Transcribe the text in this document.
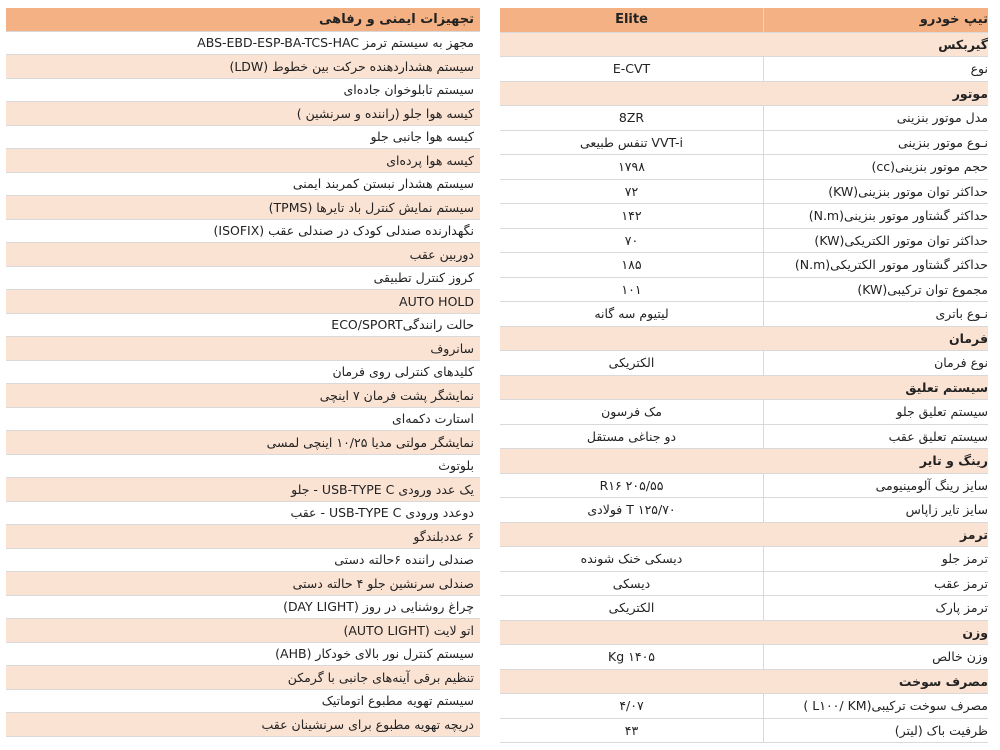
تجهیزات ایمنی و رفاهی
مجهز به سیستم ترمز ABS-EBD-ESP-BA-TCS-HAC
سیستم هشداردهنده حرکت بین خطوط (LDW)
سیستم تابلوخوان جاده‌ای
کیسه هوا جلو (راننده و سرنشین )
کیسه هوا جانبی جلو
کیسه هوا پرده‌ای
سیستم هشدار نبستن کمربند ایمنی
سیستم نمایش کنترل باد تایرها (TPMS)
نگهدارنده صندلی کودک در صندلی عقب (ISOFIX)
دوربین عقب
کروز کنترل تطبیقی
AUTO HOLD
حالت رانندگیECO/SPORT
سانروف
کلیدهای کنترلی روی فرمان
نمایشگر پشت فرمان ۷ اینچی
استارت دکمه‌ای
نمایشگر مولتی مدیا ۱۰/۲۵ اینچی لمسی
بلوتوث
یک عدد ورودی USB-TYPE C - جلو
دوعدد ورودی USB-TYPE C - عقب
۶ عددبلندگو
صندلی راننده ۶حالته دستی
صندلی سرنشین جلو ۴ حالته دستی
چراغ روشنایی در روز (DAY LIGHT)
اتو لایت (AUTO LIGHT)
سیستم کنترل نور بالای خودکار (AHB)
تنظیم برقی آینه‌های جانبی با گرمکن
سیستم تهویه مطبوع اتوماتیک
دریچه تهویه مطبوع برای سرنشینان عقب
تیپ خودرو
Elite
گیربکس
نوع
E-CVT
موتور
مدل موتور بنزینی
8ZR
نـوع موتور بنزینی
VVT-i تنفس طبیعی
حجم موتور بنزینی(cc)
۱۷۹۸
حداکثر توان موتور بنزینی(KW)
۷۲
حداکثر گشتاور موتور بنزینی(N.m)
۱۴۲
حداکثر توان موتور الکتریکی(KW)
۷۰
حداکثر گشتاور موتور الکتریکی(N.m)
۱۸۵
مجموع توان ترکیبی(KW)
۱۰۱
نـوع باتری
لیتیوم سه گانه
فرمان
نوع فرمان
الکتریکی
سیستم تعلیق
سیستم تعلیق جلو
مک فرسون
سیستم تعلیق عقب
دو جناغی مستقل
رینگ و تایر
سایز رینگ آلومینیومی
۲۰۵/۵۵ R۱۶
سایز تایر زاپاس
T ۱۲۵/۷۰ فولادی
ترمز
ترمز جلو
دیسکی خنک شونده
ترمز عقب
دیسکی
ترمز پارک
الکتریکی
وزن
وزن خالص
۱۴۰۵ Kg
مصرف سوخت
مصرف سوخت ترکیبی(L۱۰۰/ KM )
۴/۰۷
ظرفیت باک (لیتر)
۴۳
